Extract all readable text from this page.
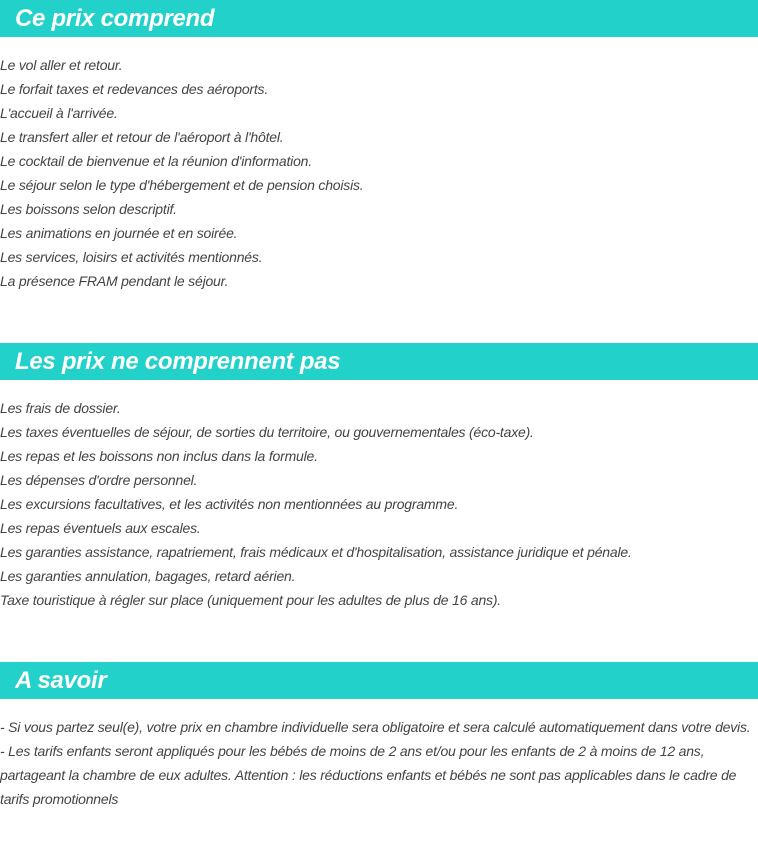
Ce prix comprend
Le vol aller et retour.
Le forfait taxes et redevances des aéroports.
L'accueil à l'arrivée.
Le transfert aller et retour de l'aéroport à l'hôtel.
Le cocktail de bienvenue et la réunion d'information.
Le séjour selon le type d'hébergement et de pension choisis.
Les boissons selon descriptif.
Les animations en journée et en soirée.
Les services, loisirs et activités mentionnés.
La présence FRAM pendant le séjour.
Les prix ne comprennent pas
Les frais de dossier.
Les taxes éventuelles de séjour, de sorties du territoire, ou gouvernementales (éco-taxe).
Les repas et les boissons non inclus dans la formule.
Les dépenses d'ordre personnel.
Les excursions facultatives, et les activités non mentionnées au programme.
Les repas éventuels aux escales.
Les garanties assistance, rapatriement, frais médicaux et d'hospitalisation, assistance juridique et pénale.
Les garanties annulation, bagages, retard aérien.
Taxe touristique à régler sur place (uniquement pour les adultes de plus de 16 ans).
A savoir

- Si vous partez seul(e), votre prix en chambre individuelle sera obligatoire et sera calculé automatiquement dans votre devis.

- Les tarifs enfants seront appliqués pour les bébés de moins de 2 ans et/ou pour les enfants de 2 à moins de 12 ans, partageant la chambre de eux adultes. Attention : les réductions enfants et bébés ne sont pas applicables dans le cadre de tarifs promotionnels
